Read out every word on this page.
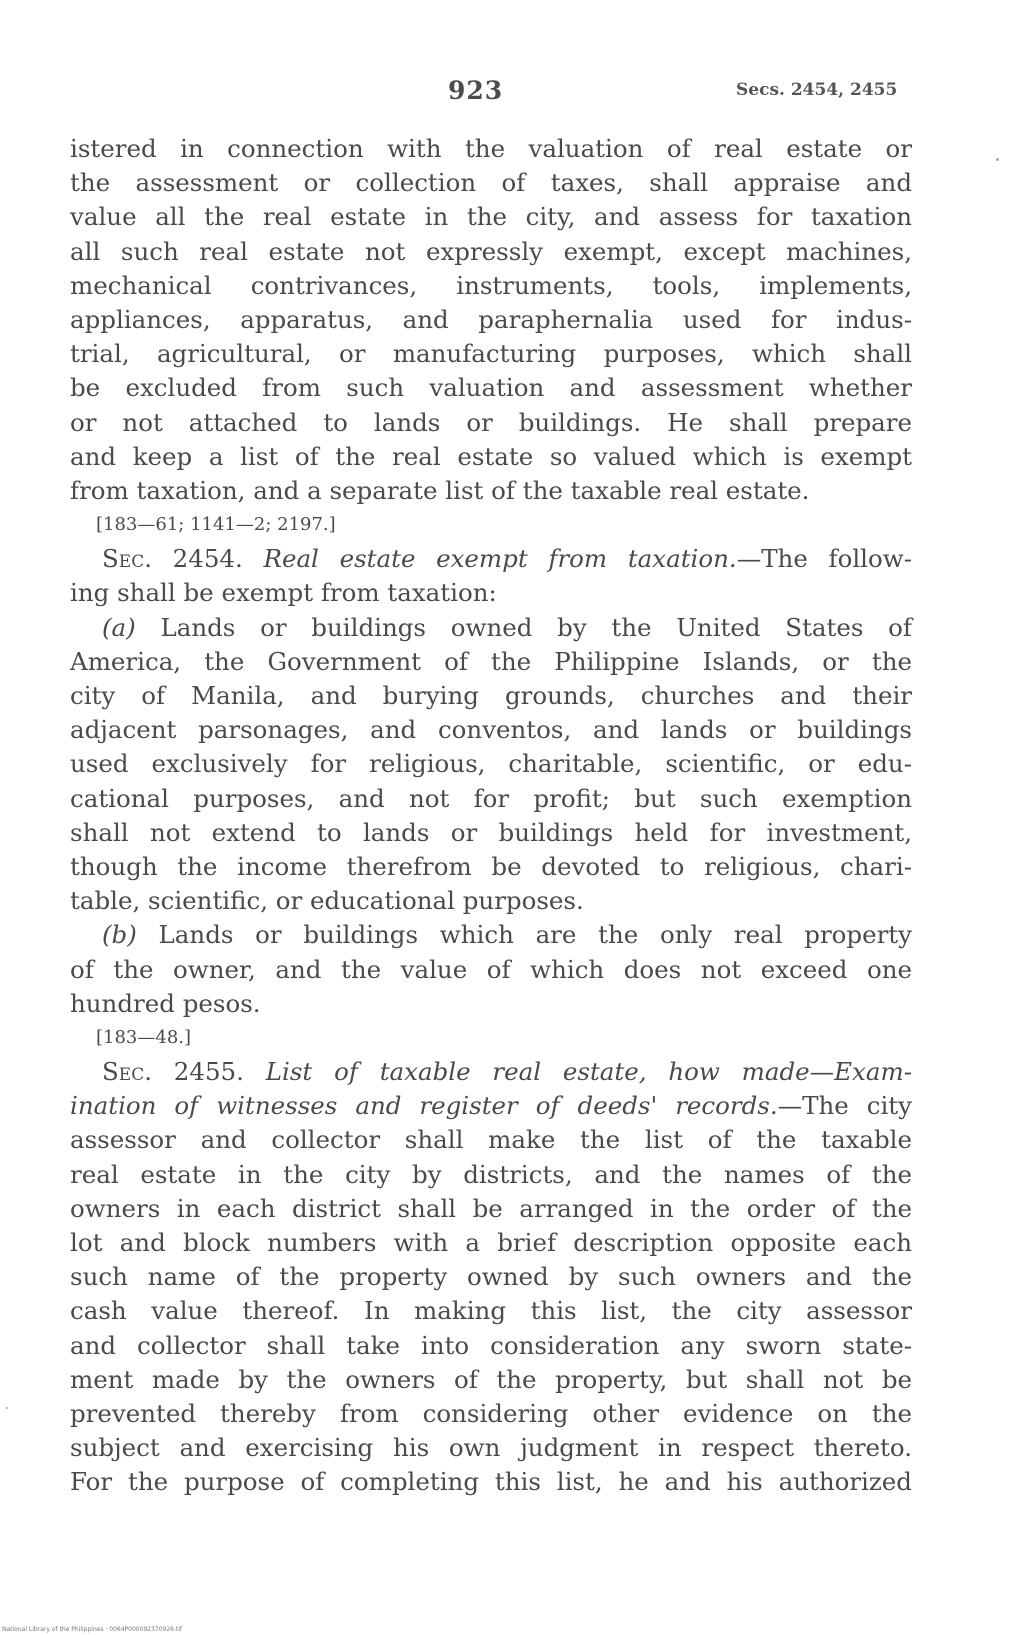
923	Secs. 2454, 2455
istered in connection with the valuation of real estate or
the assessment or collection of taxes, shall appraise and
value all the real estate in the city, and assess for taxation
all such real estate not expressly exempt, except machines,
mechanical contrivances, instruments, tools, implements,
appliances, apparatus, and paraphernalia used for indus-
trial, agricultural, or manufacturing purposes, which shall
be excluded from such valuation and assessment whether
or not attached to lands or buildings. He shall prepare
and keep a list of the real estate so valued which is exempt
from taxation, and a separate list of the taxable real estate.
[183—61; 1141—2; 2197.]
Sec. 2454. Real estate exempt from taxation.—The follow-
ing shall be exempt from taxation:
(a) Lands or buildings owned by the United States of
America, the Government of the Philippine Islands, or the
city of Manila, and burying grounds, churches and their
adjacent parsonages, and conventos, and lands or buildings
used exclusively for religious, charitable, scientific, or edu-
cational purposes, and not for profit; but such exemption
shall not extend to lands or buildings held for investment,
though the income therefrom be devoted to religious, chari-
table, scientific, or educational purposes.
(b) Lands or buildings which are the only real property
of the owner, and the value of which does not exceed one
hundred pesos.
[183—48.]
Sec. 2455. List of taxable real estate, how made—Exam-
ination of witnesses and register of deeds' records.—The city
assessor and collector shall make the list of the taxable
real estate in the city by districts, and the names of the
owners in each district shall be arranged in the order of the
lot and block numbers with a brief description opposite each
such name of the property owned by such owners and the
cash value thereof. In making this list, the city assessor
and collector shall take into consideration any sworn state-
ment made by the owners of the property, but shall not be
prevented thereby from considering other evidence on the
subject and exercising his own judgment in respect thereto.
For the purpose of completing this list, he and his authorized
National Library of the Philippines · 0064P000092370926.tif
